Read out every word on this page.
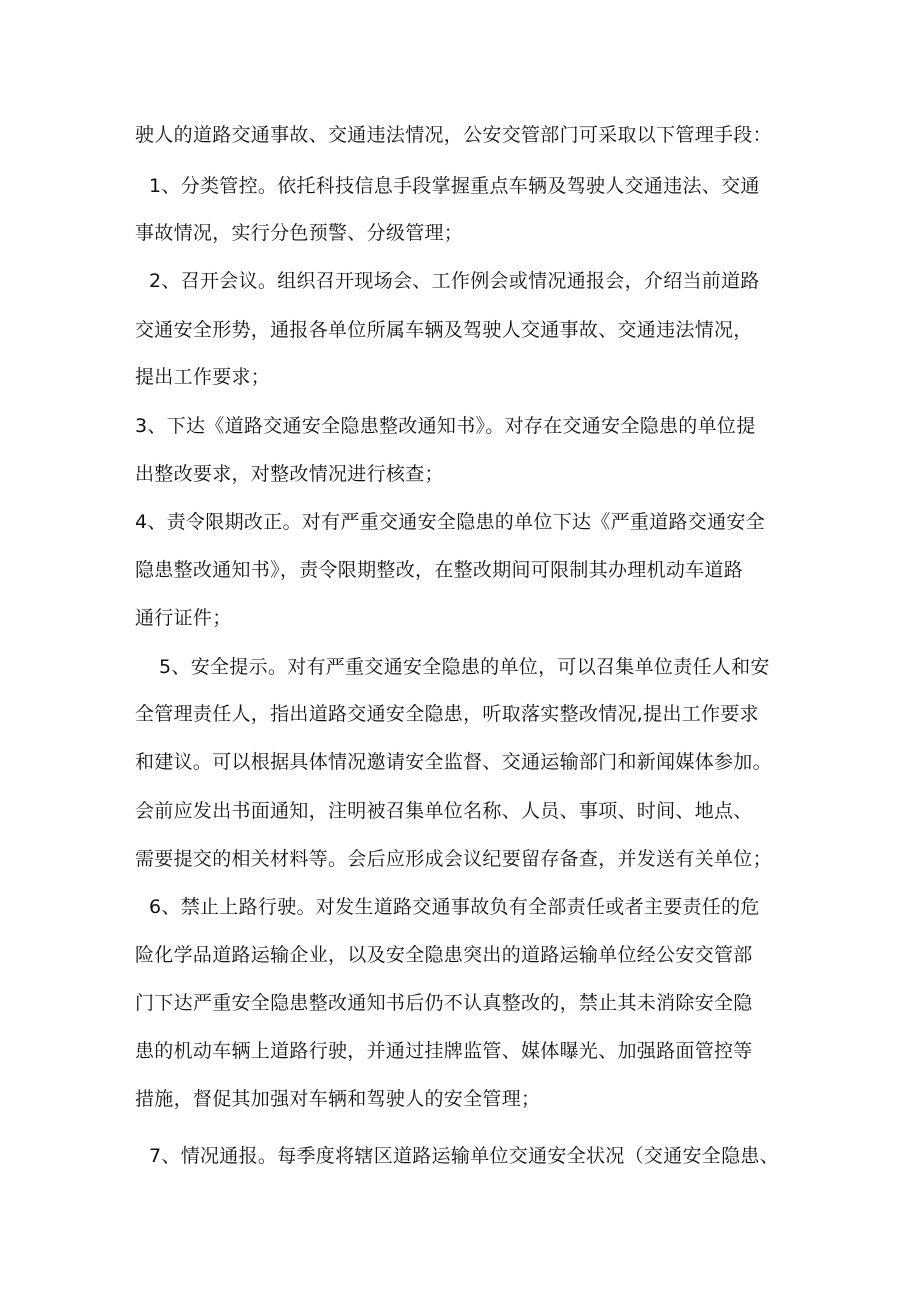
驶人的道路交通事故、交通违法情况，公安交管部门可采取以下管理手段：
1、分类管控。依托科技信息手段掌握重点车辆及驾驶人交通违法、交通
事故情况，实行分色预警、分级管理；
2、召开会议。组织召开现场会、工作例会或情况通报会，介绍当前道路
交通安全形势，通报各单位所属车辆及驾驶人交通事故、交通违法情况，
提出工作要求；
3、下达《道路交通安全隐患整改通知书》。对存在交通安全隐患的单位提
出整改要求，对整改情况进行核查；
4、责令限期改正。对有严重交通安全隐患的单位下达《严重道路交通安全
隐患整改通知书》，责令限期整改，在整改期间可限制其办理机动车道路
通行证件；
5、安全提示。对有严重交通安全隐患的单位，可以召集单位责任人和安
全管理责任人，指出道路交通安全隐患，听取落实整改情况,提出工作要求
和建议。可以根据具体情况邀请安全监督、交通运输部门和新闻媒体参加。
会前应发出书面通知，注明被召集单位名称、人员、事项、时间、地点、
需要提交的相关材料等。会后应形成会议纪要留存备查，并发送有关单位；
6、禁止上路行驶。对发生道路交通事故负有全部责任或者主要责任的危
险化学品道路运输企业，以及安全隐患突出的道路运输单位经公安交管部
门下达严重安全隐患整改通知书后仍不认真整改的，禁止其未消除安全隐
患的机动车辆上道路行驶，并通过挂牌监管、媒体曝光、加强路面管控等
措施，督促其加强对车辆和驾驶人的安全管理；
7、情况通报。每季度将辖区道路运输单位交通安全状况（交通安全隐患、
